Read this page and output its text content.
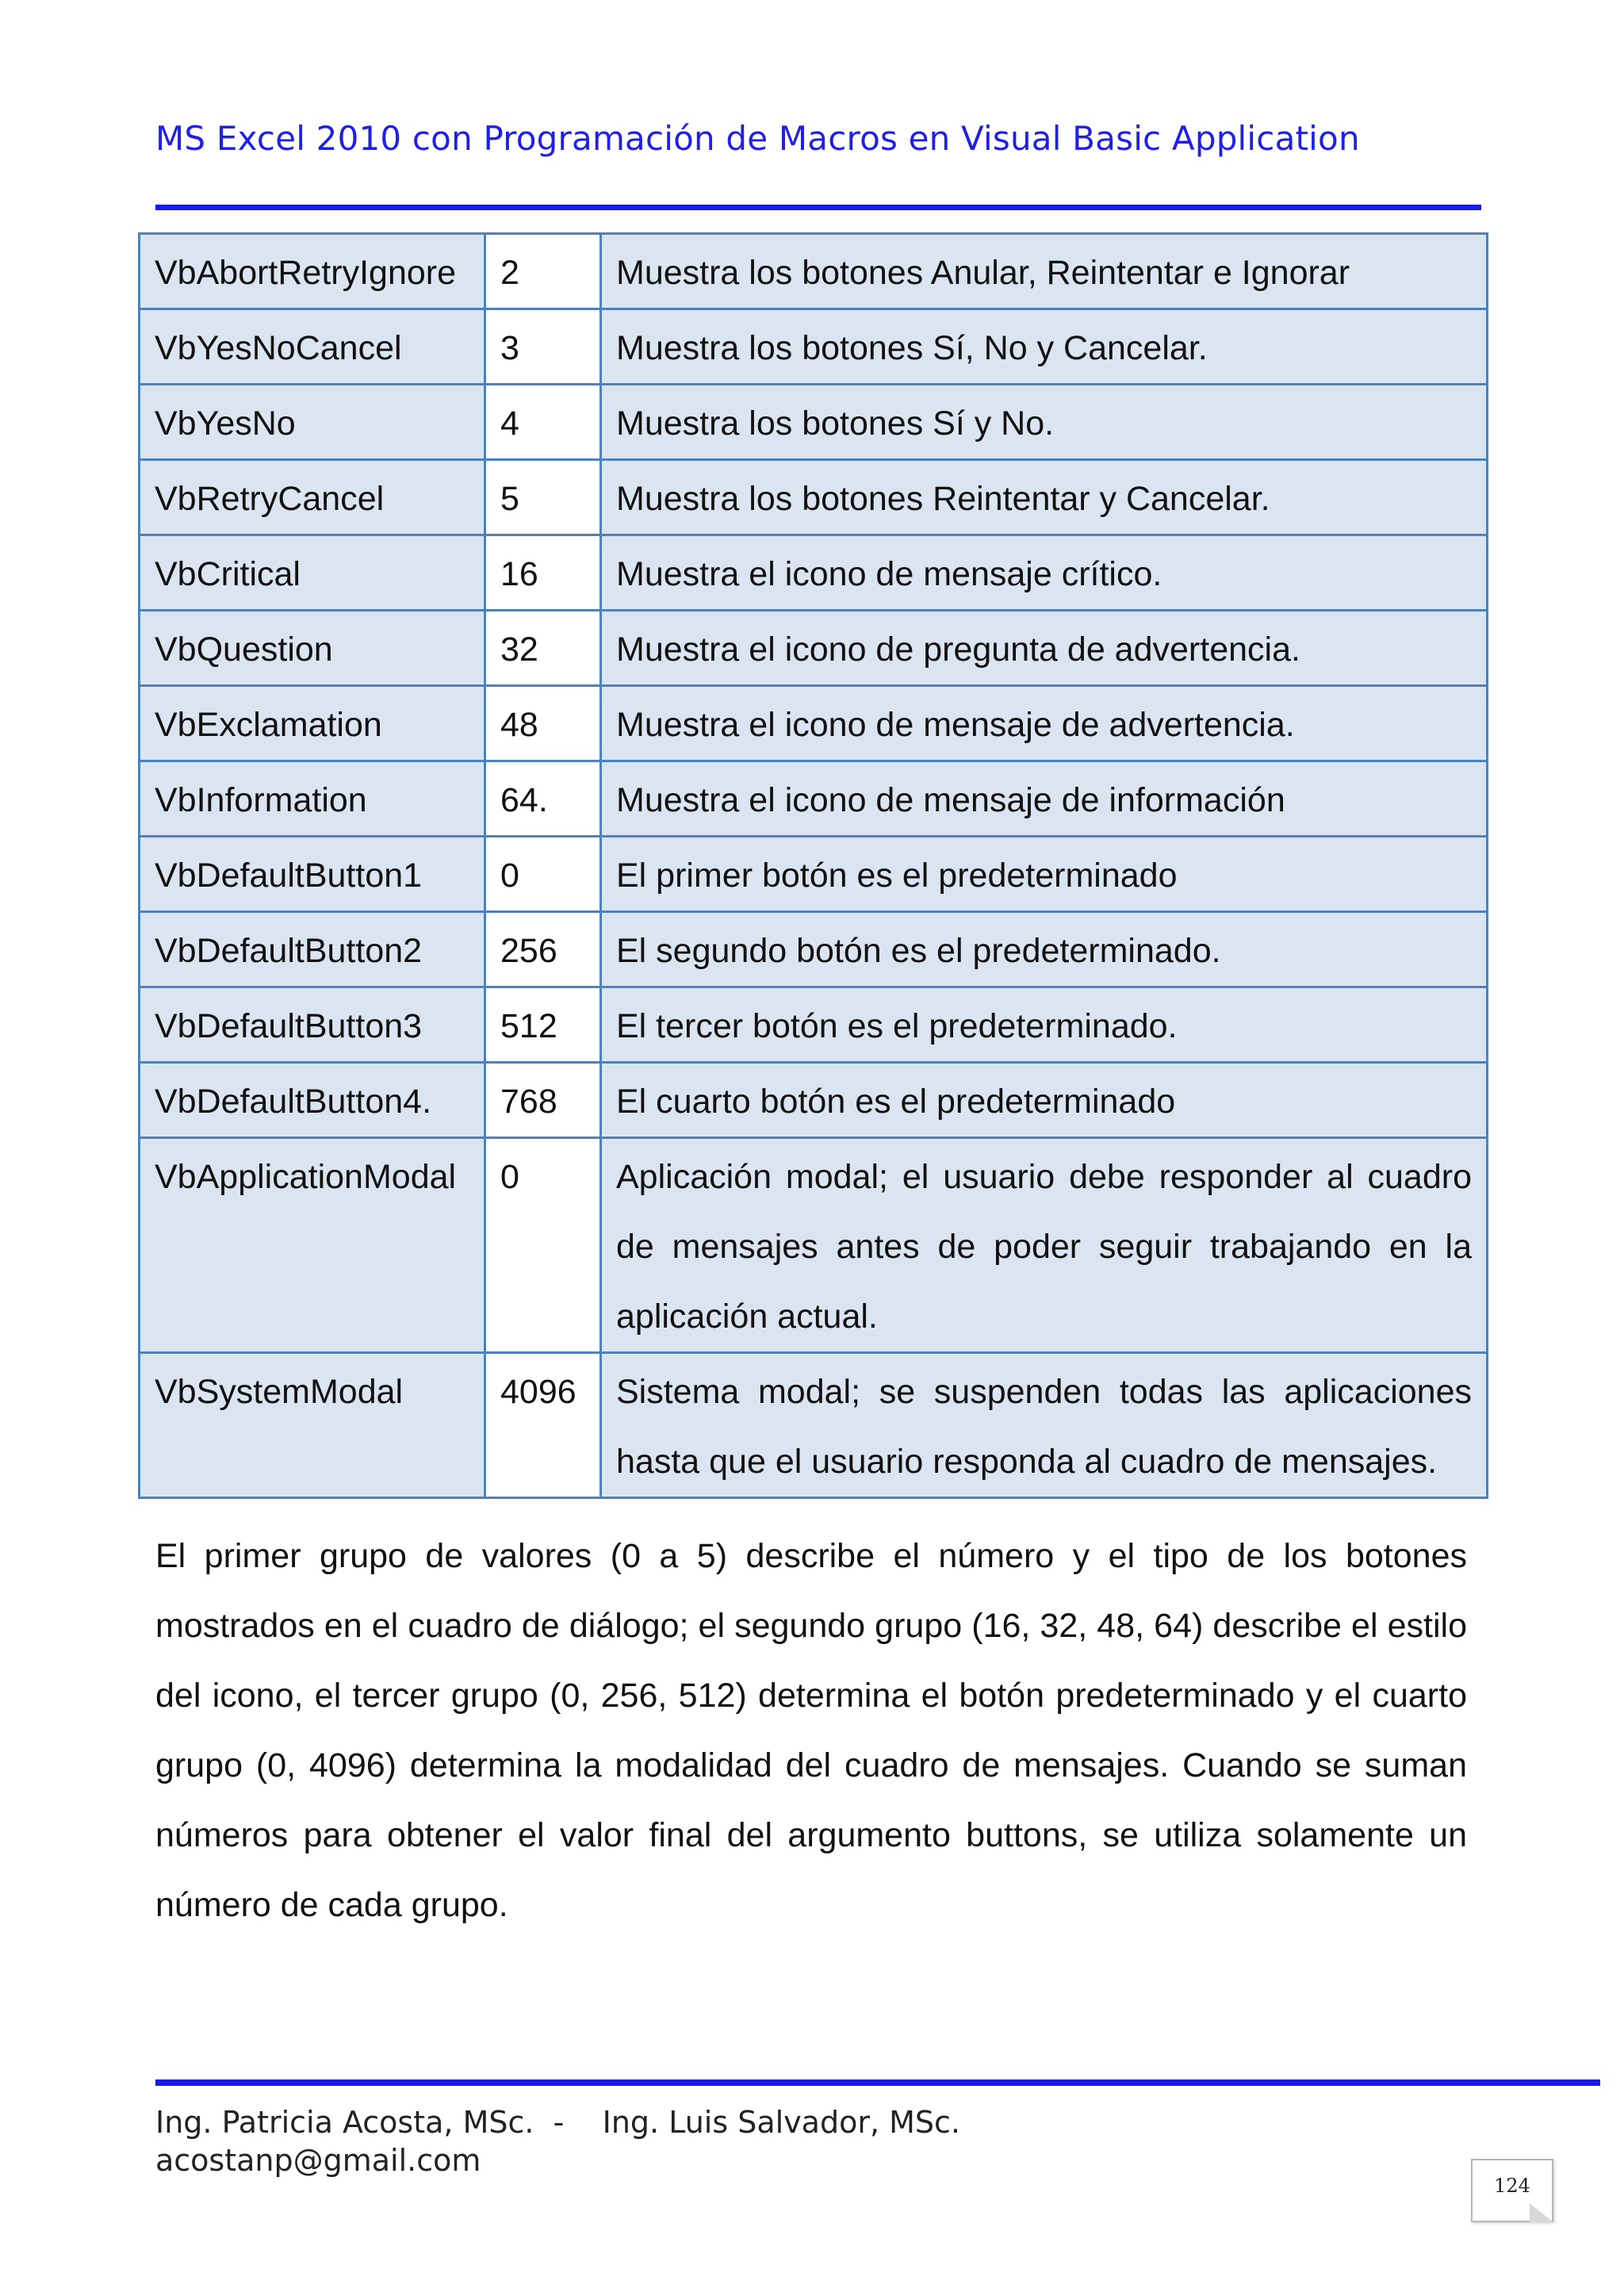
MS Excel 2010 con Programación de Macros en Visual Basic Application
VbAbortRetryIgnore	2	Muestra los botones Anular, Reintentar e Ignorar
VbYesNoCancel	3	Muestra los botones Sí, No y Cancelar.
VbYesNo	4	Muestra los botones Sí y No.
VbRetryCancel	5	Muestra los botones Reintentar y Cancelar.
VbCritical	16	Muestra el icono de mensaje crítico.
VbQuestion	32	Muestra el icono de pregunta de advertencia.
VbExclamation	48	Muestra el icono de mensaje de advertencia.
VbInformation	64.	Muestra el icono de mensaje de información
VbDefaultButton1	0	El primer botón es el predeterminado
VbDefaultButton2	256	El segundo botón es el predeterminado.
VbDefaultButton3	512	El tercer botón es el predeterminado.
VbDefaultButton4.	768	El cuarto botón es el predeterminado
VbApplicationModal	0	Aplicación modal; el usuario debe responder al cuadro de mensajes antes de poder seguir trabajando en la aplicación actual.
VbSystemModal	4096	Sistema modal; se suspenden todas las aplicaciones hasta que el usuario responda al cuadro de mensajes.

El primer grupo de valores (0 a 5) describe el número y el tipo de los botones mostrados en el cuadro de diálogo; el segundo grupo (16, 32, 48, 64) describe el estilo del icono, el tercer grupo (0, 256, 512) determina el botón predeterminado y el cuarto grupo (0, 4096) determina la modalidad del cuadro de mensajes. Cuando se suman números para obtener el valor final del argumento buttons, se utiliza solamente un número de cada grupo.

Ing. Patricia Acosta, MSc.  -    Ing. Luis Salvador, MSc.
acostanp@gmail.com
124
